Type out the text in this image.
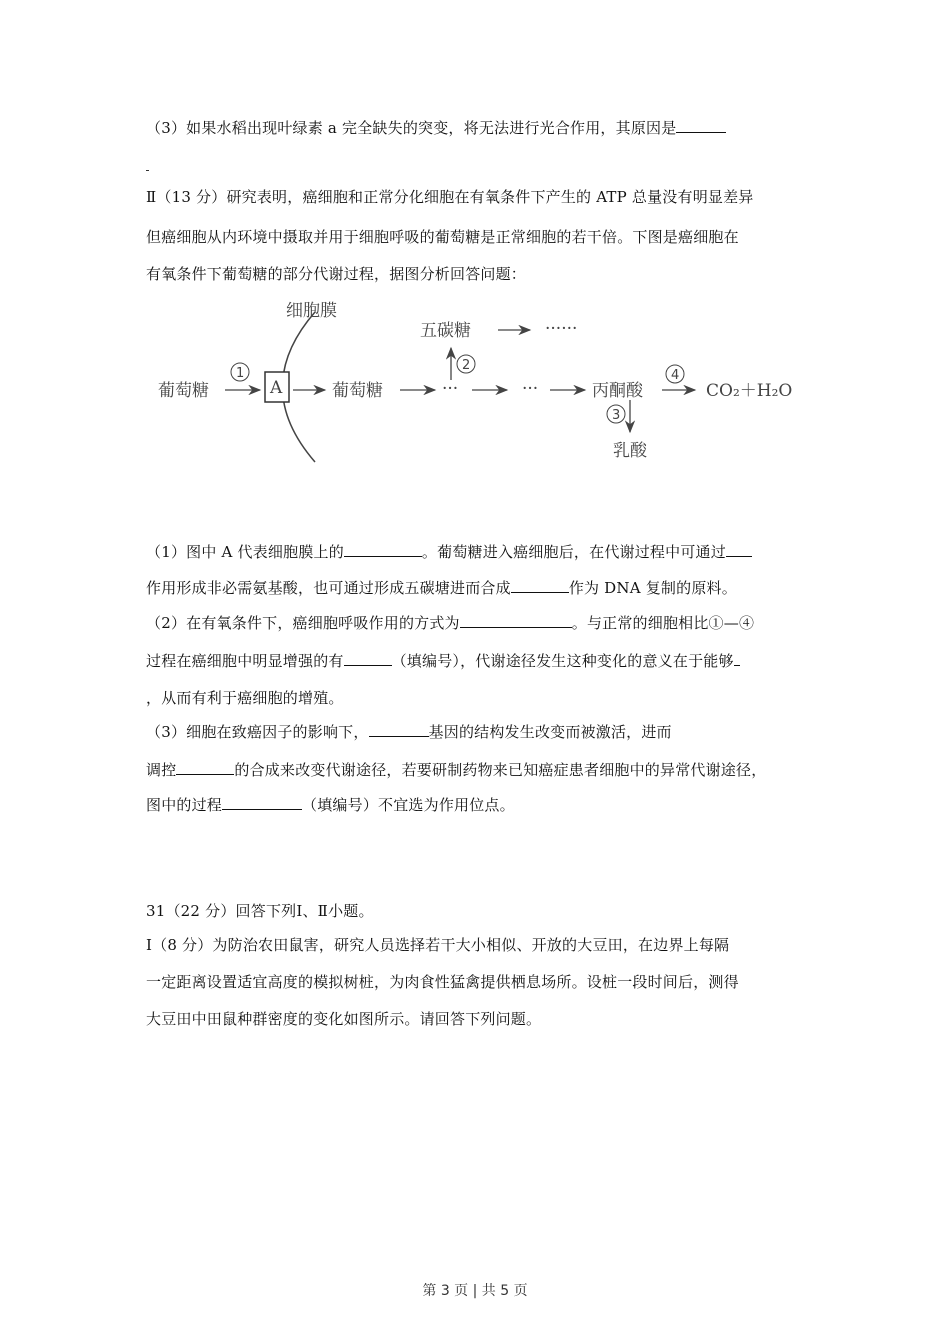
（3）如果水稻出现叶绿素 a 完全缺失的突变，将无法进行光合作用，其原因是
Ⅱ（13 分）研究表明，癌细胞和正常分化细胞在有氧条件下产生的 ATP 总量没有明显差异
但癌细胞从内环境中摄取并用于细胞呼吸的葡萄糖是正常细胞的若干倍。下图是癌细胞在
有氧条件下葡萄糖的部分代谢过程，据图分析回答问题：
细胞膜
葡萄糖
1
A	葡萄糖	···
2
五碳糖	······
···	丙酮酸
4
CO₂＋H₂O
3
乳酸
（1）图中 A 代表细胞膜上的	。葡萄糖进入癌细胞后，在代谢过程中可通过
作用形成非必需氨基酸，也可通过形成五碳塘进而合成	作为 DNA 复制的原料。
（2）在有氧条件下，癌细胞呼吸作用的方式为	。与正常的细胞相比①—④
过程在癌细胞中明显增强的有	（填编号），代谢途径发生这种变化的意义在于能够
，从而有利于癌细胞的增殖。
（3）细胞在致癌因子的影响下，	基因的结构发生改变而被激活，进而
调控	的合成来改变代谢途径，若要研制药物来已知癌症患者细胞中的异常代谢途径，
图中的过程	（填编号）不宜选为作用位点。
31（22 分）回答下列Ⅰ、Ⅱ小题。
Ⅰ（8 分）为防治农田鼠害，研究人员选择若干大小相似、开放的大豆田，在边界上每隔
一定距离设置适宜高度的模拟树桩，为肉食性猛禽提供栖息场所。设桩一段时间后，测得
大豆田中田鼠种群密度的变化如图所示。请回答下列问题。
第 3 页 | 共 5 页
